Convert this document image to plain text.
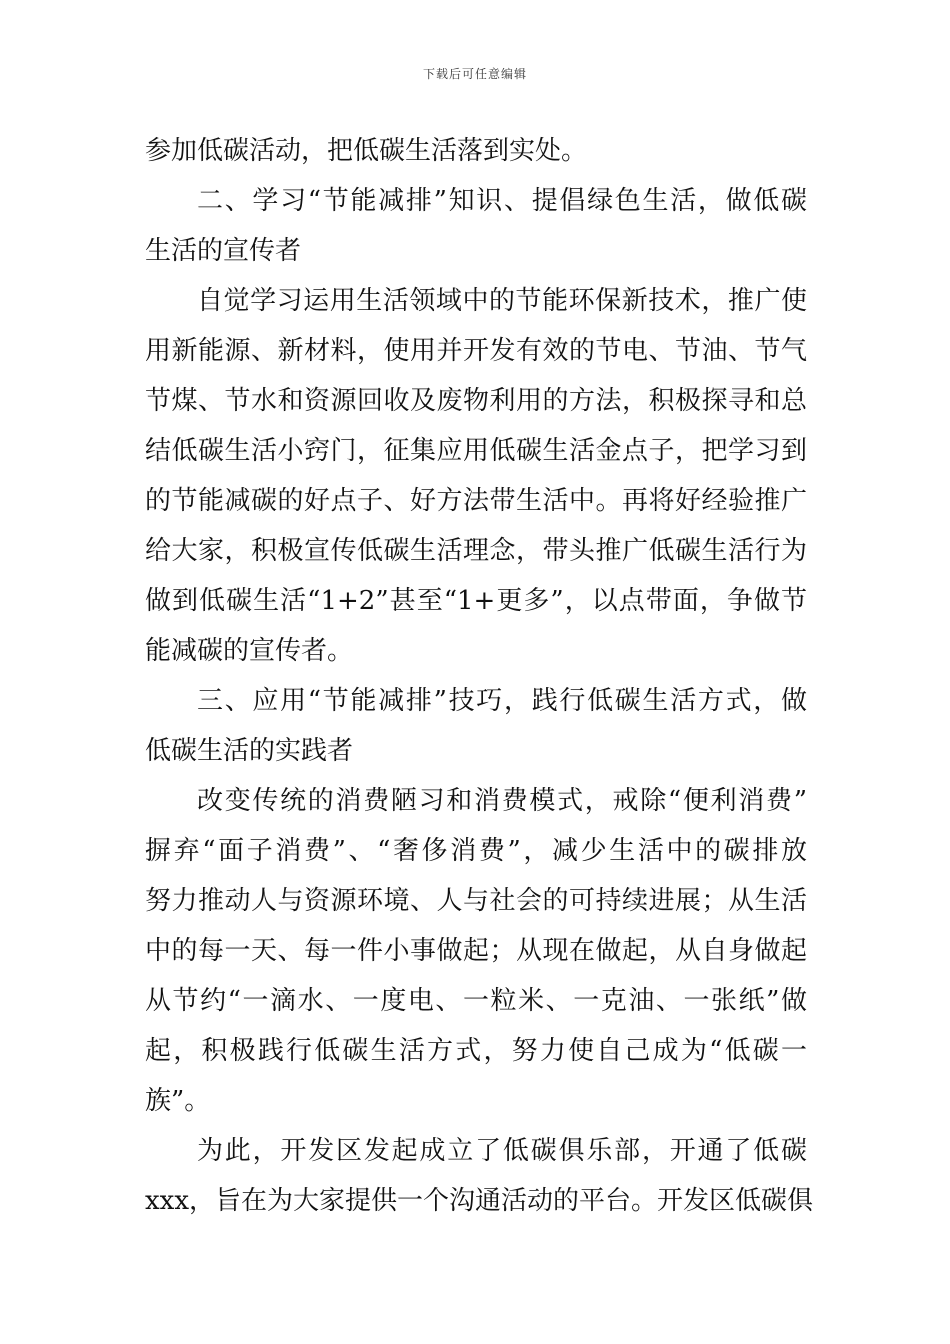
下载后可任意编辑
参加低碳活动，把低碳生活落到实处。
二、学习“节能减排”知识、提倡绿色生活，做低碳
生活的宣传者
自觉学习运用生活领域中的节能环保新技术，推广使
用新能源、新材料，使用并开发有效的节电、节油、节气
节煤、节水和资源回收及废物利用的方法，积极探寻和总
结低碳生活小窍门，征集应用低碳生活金点子，把学习到
的节能减碳的好点子、好方法带生活中。再将好经验推广
给大家，积极宣传低碳生活理念，带头推广低碳生活行为
做到低碳生活“1+2”甚至“1+更多”，以点带面，争做节
能减碳的宣传者。
三、应用“节能减排”技巧，践行低碳生活方式，做
低碳生活的实践者
改变传统的消费陋习和消费模式，戒除“便利消费”
摒弃“面子消费”、“奢侈消费”，减少生活中的碳排放
努力推动人与资源环境、人与社会的可持续进展；从生活
中的每一天、每一件小事做起；从现在做起，从自身做起
从节约“一滴水、一度电、一粒米、一克油、一张纸”做
起，积极践行低碳生活方式，努力使自己成为“低碳一
族”。
为此，开发区发起成立了低碳俱乐部，开通了低碳
xxx，旨在为大家提供一个沟通活动的平台。开发区低碳俱
